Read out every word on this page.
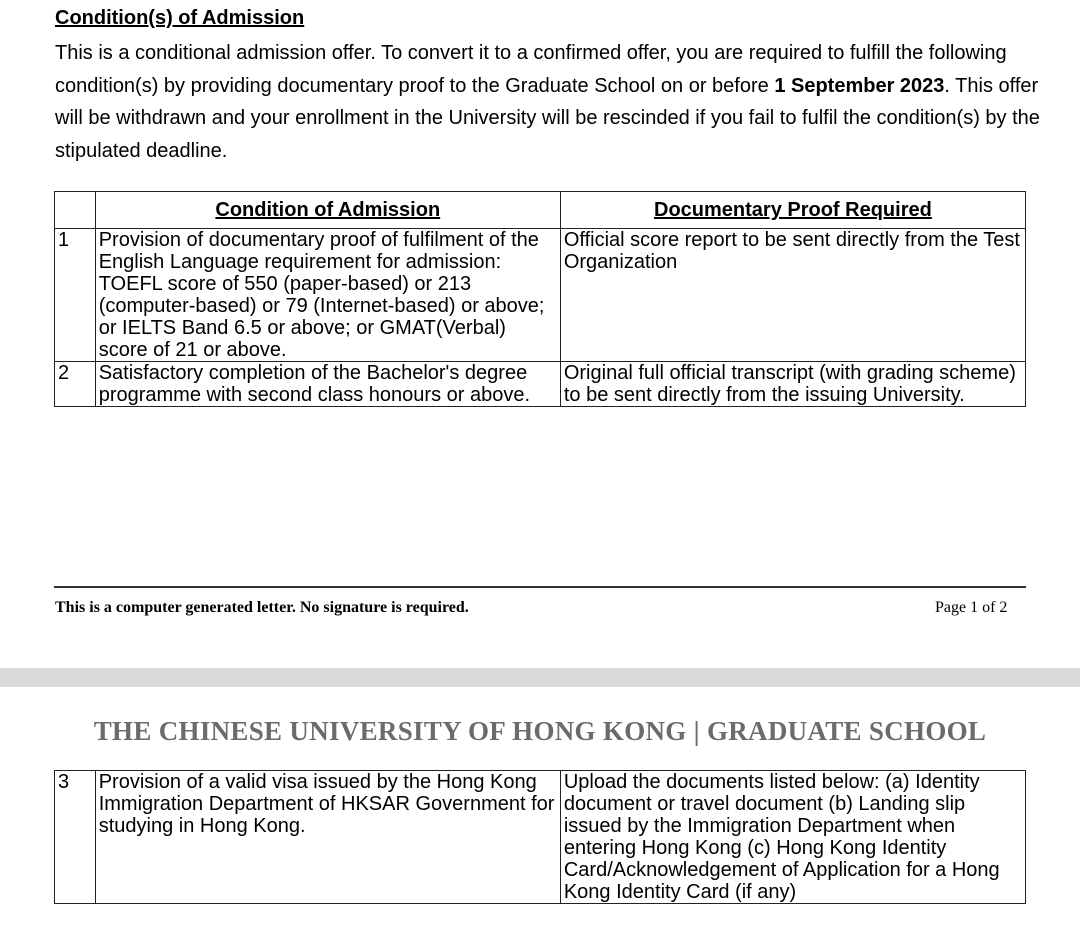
Condition(s) of Admission

This is a conditional admission offer. To convert it to a confirmed offer, you are required to fulfill the following condition(s) by providing documentary proof to the Graduate School on or before 1 September 2023. This offer will be withdrawn and your enrollment in the University will be rescinded if you fail to fulfil the condition(s) by the stipulated deadline.

	Condition of Admission	Documentary Proof Required
1	Provision of documentary proof of fulfilment of the English Language requirement for admission: TOEFL score of 550 (paper-based) or 213 (computer-based) or 79 (Internet-based) or above; or IELTS Band 6.5 or above; or GMAT(Verbal) score of 21 or above.	Official score report to be sent directly from the Test Organization
2	Satisfactory completion of the Bachelor's degree programme with second class honours or above.	Original full official transcript (with grading scheme) to be sent directly from the issuing University.

This is a computer generated letter. No signature is required.	Page 1 of 2

THE CHINESE UNIVERSITY OF HONG KONG | GRADUATE SCHOOL

3	Provision of a valid visa issued by the Hong Kong Immigration Department of HKSAR Government for studying in Hong Kong.	Upload the documents listed below: (a) Identity document or travel document (b) Landing slip issued by the Immigration Department when entering Hong Kong (c) Hong Kong Identity Card/Acknowledgement of Application for a Hong Kong Identity Card (if any)
